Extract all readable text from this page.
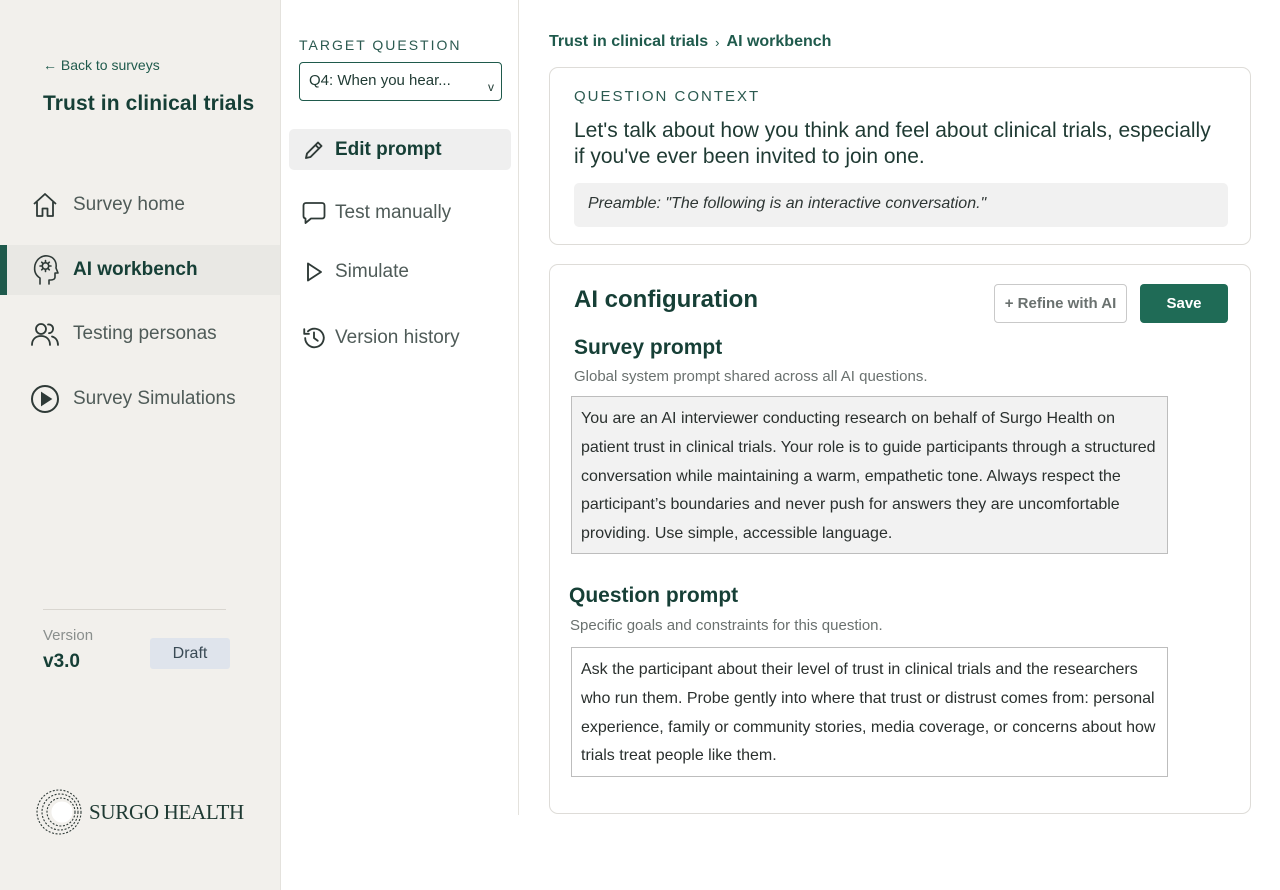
← Back to surveys
Trust in clinical trials
Survey home
AI workbench
Testing personas
Survey Simulations
Version
v3.0	Draft
SURGO HEALTH
TARGET QUESTION
Q4: When you hear...	v
Edit prompt
Test manually
Simulate
Version history
Trust in clinical trials › AI workbench
QUESTION CONTEXT
Let's talk about how you think and feel about clinical trials, especially if you've ever been invited to join one.
Preamble: "The following is an interactive conversation."
AI configuration	+ Refine with AI	Save
Survey prompt
Global system prompt shared across all AI questions.
You are an AI interviewer conducting research on behalf of Surgo Health on patient trust in clinical trials. Your role is to guide participants through a structured conversation while maintaining a warm, empathetic tone. Always respect the participant’s boundaries and never push for answers they are uncomfortable providing. Use simple, accessible language.
Question prompt
Specific goals and constraints for this question.
Ask the participant about their level of trust in clinical trials and the researchers who run them. Probe gently into where that trust or distrust comes from: personal experience, family or community stories, media coverage, or concerns about how trials treat people like them.
